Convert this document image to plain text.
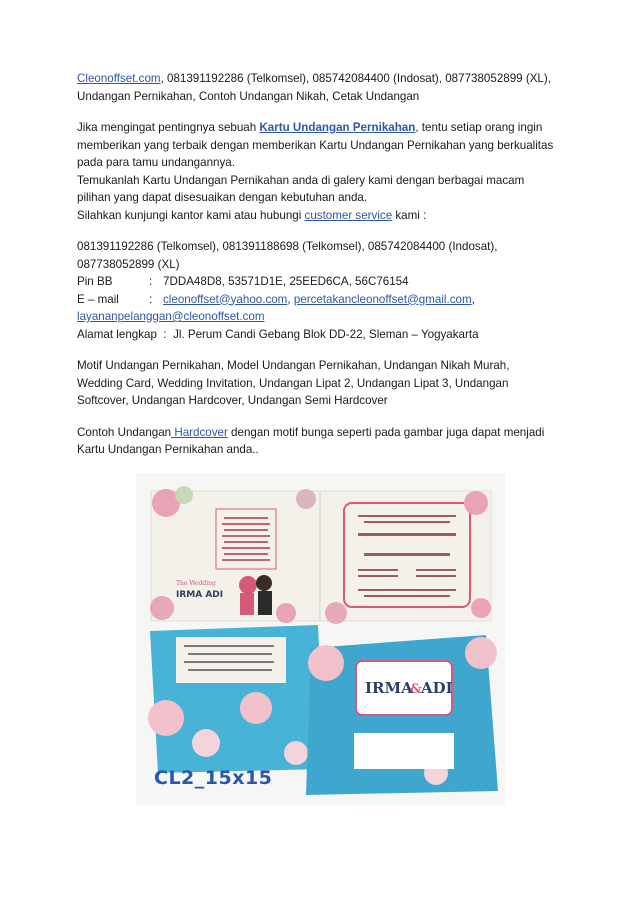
Cleonoffset.com, 081391192286 (Telkomsel), 085742084400 (Indosat), 087738052899 (XL),

Undangan Pernikahan, Contoh Undangan Nikah, Cetak Undangan

Jika mengingat pentingnya sebuah Kartu Undangan Pernikahan, tentu setiap orang ingin

memberikan yang terbaik dengan memberikan Kartu Undangan Pernikahan yang berkualitas

pada para tamu undangannya.

Temukanlah Kartu Undangan Pernikahan anda di galery kami dengan berbagai macam

pilihan yang dapat disesuaikan dengan kebutuhan anda.

Silahkan kunjungi kantor kami atau hubungi customer service kami :

081391192286 (Telkomsel), 081391188698 (Telkomsel), 085742084400 (Indosat),

087738052899 (XL)

Pin BB	: 7DDA48D8, 53571D1E, 25EED6CA, 56C76154
E – mail	: cleonoffset@yahoo.com, percetakancleonoffset@gmail.com,

layananpelanggan@cleonoffset.com

Alamat lengkap : Jl. Perum Candi Gebang Blok DD-22, Sleman – Yogyakarta

Motif Undangan Pernikahan, Model Undangan Pernikahan, Undangan Nikah Murah,

Wedding Card, Wedding Invitation, Undangan Lipat 2, Undangan Lipat 3, Undangan

Softcover, Undangan Hardcover, Undangan Semi Hardcover

Contoh Undangan Hardcover dengan motif bunga seperti pada gambar juga dapat menjadi

Kartu Undangan Pernikahan anda..

IRMA ADI
The Wedding
IRMA
& ADI
CL2_15x15
